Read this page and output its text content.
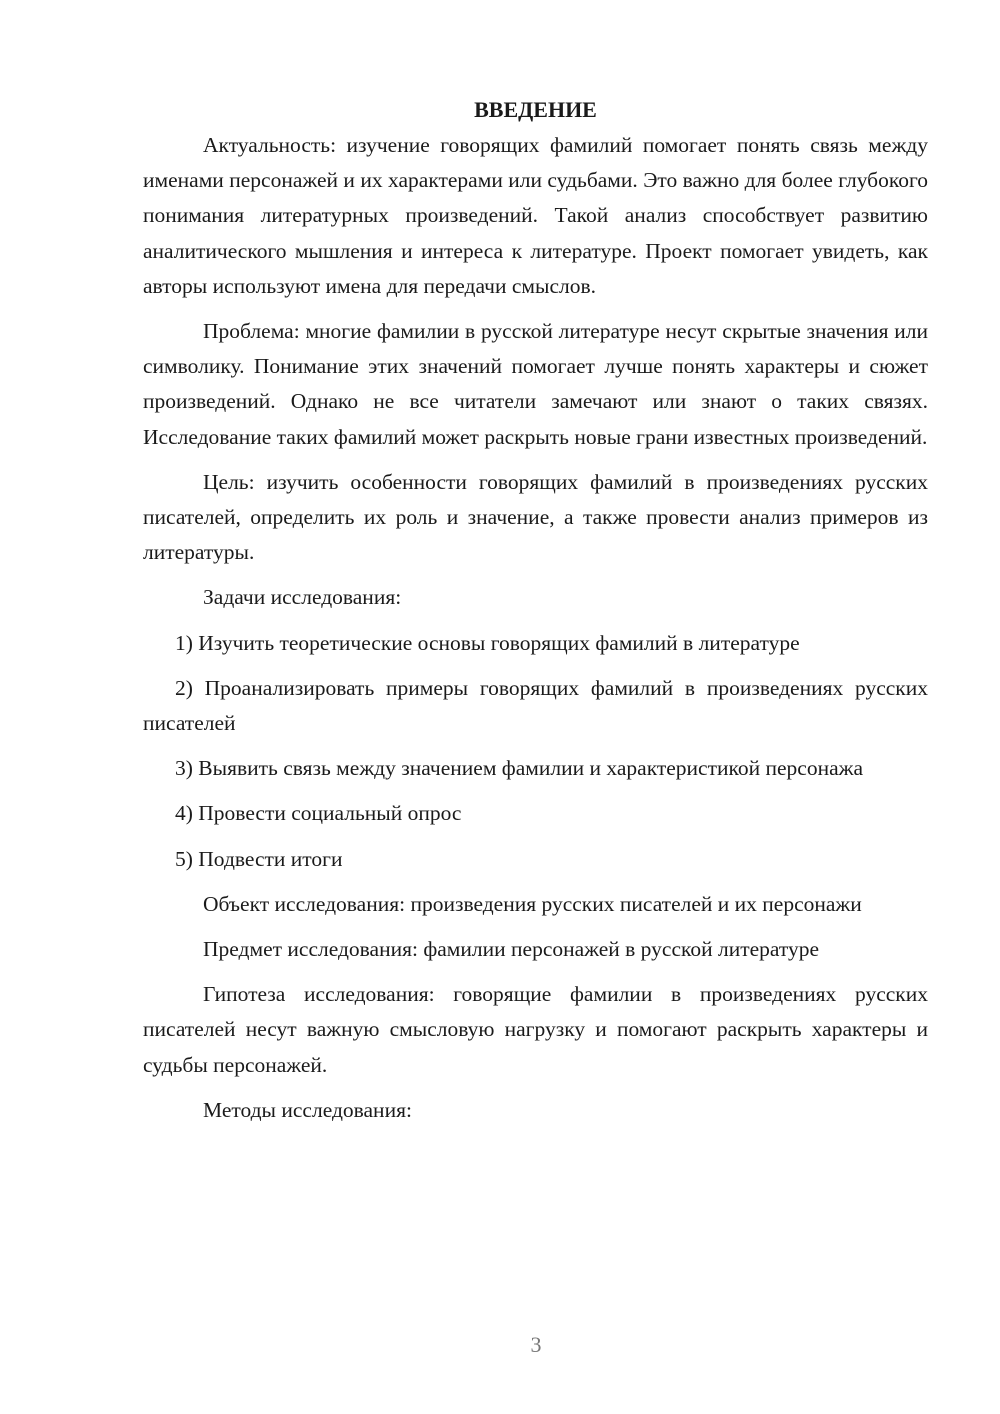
ВВЕДЕНИЕ

Актуальность: изучение говорящих фамилий помогает понять связь между именами персонажей и их характерами или судьбами. Это важно для более глубокого понимания литературных произведений. Такой анализ способствует развитию аналитического мышления и интереса к литературе. Проект помогает увидеть, как авторы используют имена для передачи смыслов.

Проблема: многие фамилии в русской литературе несут скрытые значения или символику. Понимание этих значений помогает лучше понять характеры и сюжет произведений. Однако не все читатели замечают или знают о таких связях. Исследование таких фамилий может раскрыть новые грани известных произведений.

Цель: изучить особенности говорящих фамилий в произведениях русских писателей, определить их роль и значение, а также провести анализ примеров из литературы.

Задачи исследования:

1) Изучить теоретические основы говорящих фамилий в литературе

2) Проанализировать примеры говорящих фамилий в произведениях русских писателей

3) Выявить связь между значением фамилии и характеристикой персонажа

4) Провести социальный опрос

5) Подвести итоги

Объект исследования: произведения русских писателей и их персонажи

Предмет исследования: фамилии персонажей в русской литературе

Гипотеза исследования: говорящие фамилии в произведениях русских писателей несут важную смысловую нагрузку и помогают раскрыть характеры и судьбы персонажей.

Методы исследования:

3
